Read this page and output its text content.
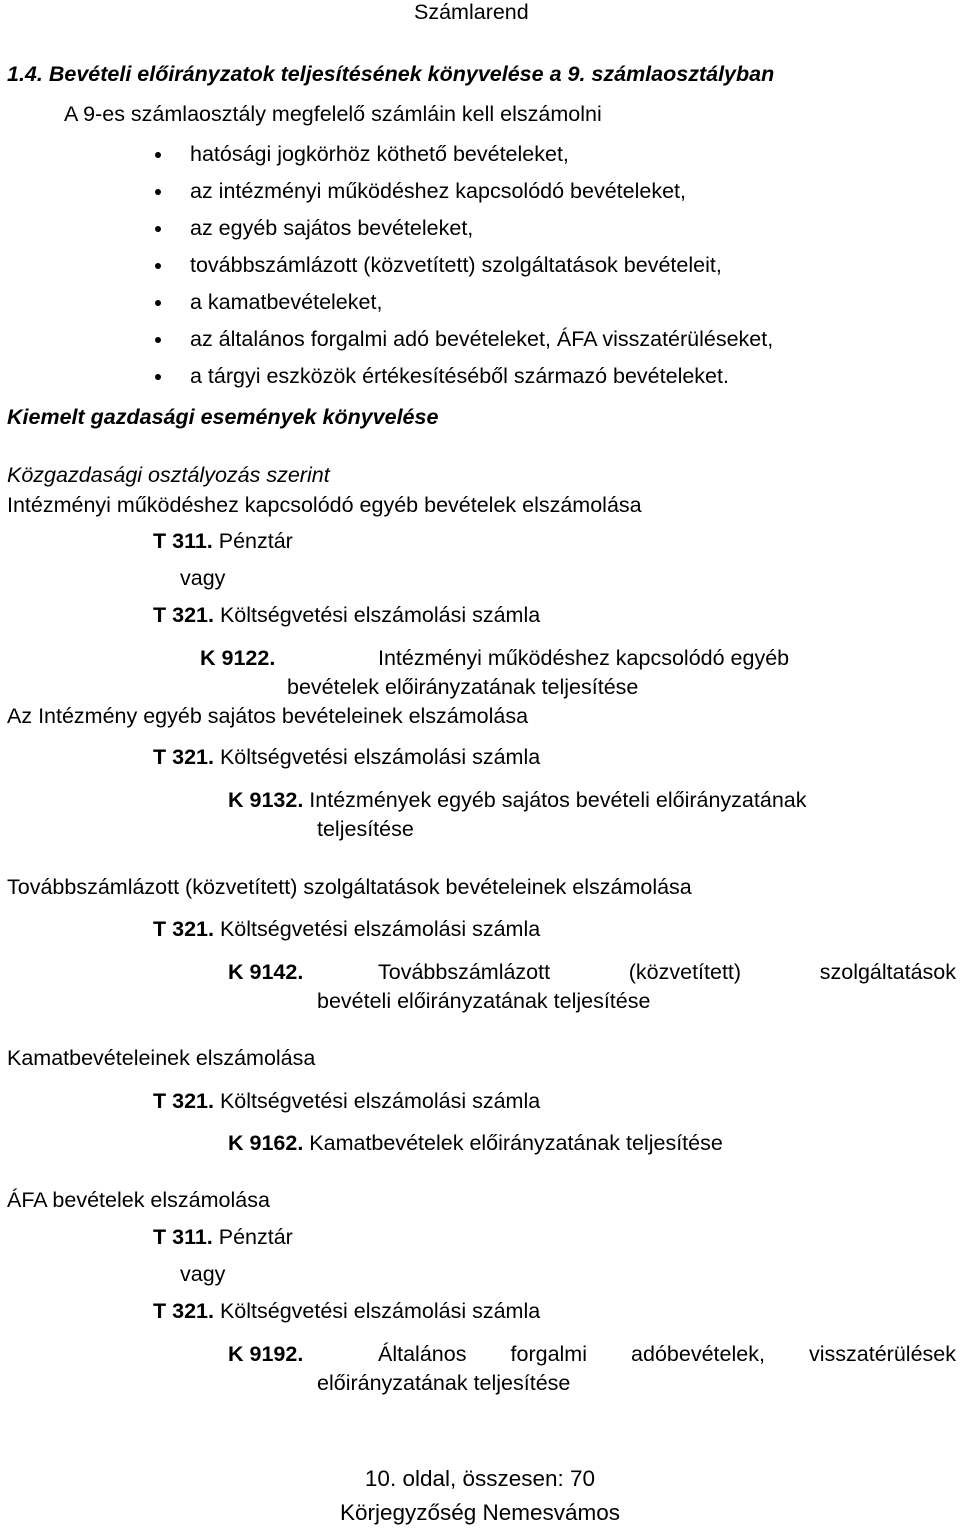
Számlarend
1.4. Bevételi előirányzatok teljesítésének könyvelése a 9. számlaosztályban
A 9-es számlaosztály megfelelő számláin kell elszámolni
hatósági jogkörhöz köthető bevételeket,
az intézményi működéshez kapcsolódó bevételeket,
az egyéb sajátos bevételeket,
továbbszámlázott (közvetített) szolgáltatások bevételeit,
a kamatbevételeket,
az általános forgalmi adó bevételeket, ÁFA visszatérüléseket,
a tárgyi eszközök értékesítéséből származó bevételeket.
Kiemelt gazdasági események könyvelése
Közgazdasági osztályozás szerint
Intézményi működéshez kapcsolódó egyéb bevételek elszámolása
T 311. Pénztár
vagy
T 321. Költségvetési elszámolási számla
K 9122.	Intézményi működéshez kapcsolódó egyéb
bevételek előirányzatának teljesítése
Az Intézmény egyéb sajátos bevételeinek elszámolása
T 321. Költségvetési elszámolási számla
K 9132. Intézmények egyéb sajátos bevételi előirányzatának
teljesítése
Továbbszámlázott (közvetített) szolgáltatások bevételeinek elszámolása
T 321. Költségvetési elszámolási számla
K 9142.	Továbbszámlázott (közvetített) szolgáltatások
bevételi előirányzatának teljesítése
Kamatbevételeinek elszámolása
T 321. Költségvetési elszámolási számla
K 9162. Kamatbevételek előirányzatának teljesítése
ÁFA bevételek elszámolása
T 311. Pénztár
vagy
T 321. Költségvetési elszámolási számla
K 9192.	Általános forgalmi adóbevételek, visszatérülések
előirányzatának teljesítése
10. oldal, összesen: 70
Körjegyzőség Nemesvámos
